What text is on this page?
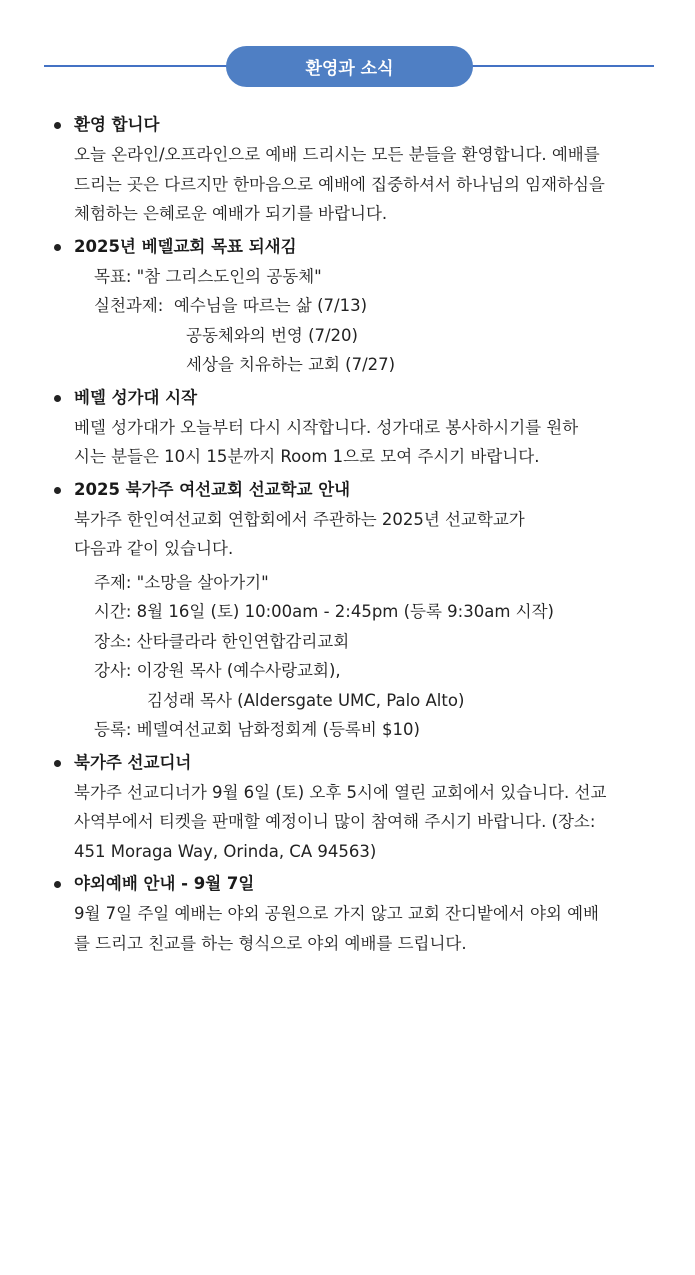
환영과 소식
환영 합니다
오늘 온라인/오프라인으로 예배 드리시는 모든 분들을 환영합니다. 예배를
드리는 곳은 다르지만 한마음으로 예배에 집중하셔서 하나님의 임재하심을
체험하는 은혜로운 예배가 되기를 바랍니다.
2025년 베델교회 목표 되새김
목표: "참 그리스도인의 공동체"
실천과제: 예수님을 따르는 삶 (7/13)
공동체와의 번영 (7/20)
세상을 치유하는 교회 (7/27)
베델 성가대 시작
베델 성가대가 오늘부터 다시 시작합니다. 성가대로 봉사하시기를 원하
시는 분들은 10시 15분까지 Room 1으로 모여 주시기 바랍니다.
2025 북가주 여선교회 선교학교 안내
북가주 한인여선교회 연합회에서 주관하는 2025년 선교학교가
다음과 같이 있습니다.
주제: "소망을 살아가기"
시간: 8월 16일 (토) 10:00am - 2:45pm (등록 9:30am 시작)
장소: 산타클라라 한인연합감리교회
강사: 이강원 목사 (예수사랑교회),
김성래 목사 (Aldersgate UMC, Palo Alto)
등록: 베델여선교회 남화정회계 (등록비 $10)
북가주 선교디너
북가주 선교디너가 9월 6일 (토) 오후 5시에 열린 교회에서 있습니다. 선교
사역부에서 티켓을 판매할 예정이니 많이 참여해 주시기 바랍니다. (장소:
451 Moraga Way, Orinda, CA 94563)
야외예배 안내 - 9월 7일
9월 7일 주일 예배는 야외 공원으로 가지 않고 교회 잔디밭에서 야외 예배
를 드리고 친교를 하는 형식으로 야외 예배를 드립니다.
